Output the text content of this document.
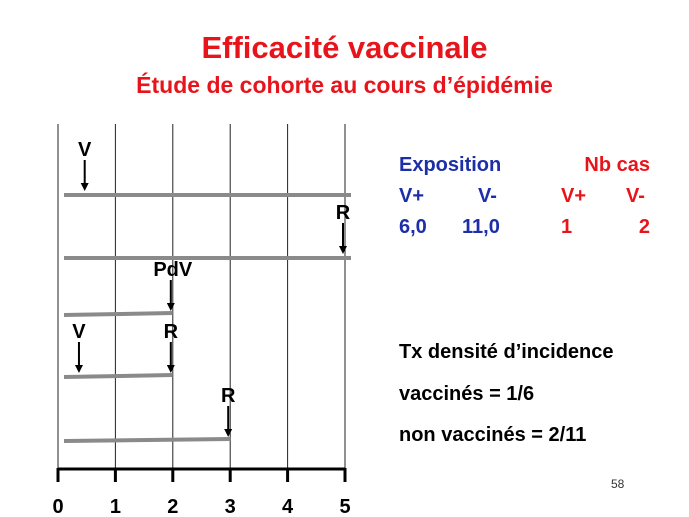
Efficacité vaccinale
Étude de cohorte au cours d’épidémie
0 1 2 3 4 5
V
R
PdV
V	R
R

Exposition	Nb cas

V+	V-	V+ V-

6,0 11,0	1	2

Tx densité d’incidence

vaccinés = 1/6

non vaccinés = 2/11

58
